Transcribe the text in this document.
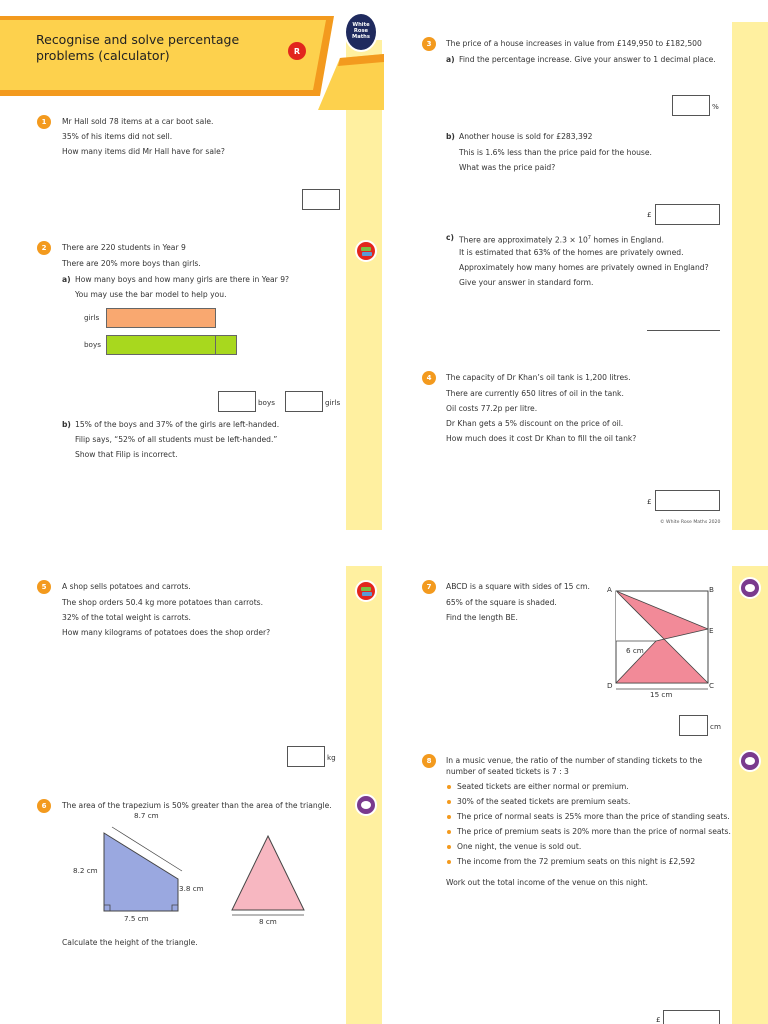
Recognise and solve percentage
problems (calculator)	R
White
Rose
Maths
1	Mr Hall sold 78 items at a car boot sale.
35% of his items did not sell.
How many items did Mr Hall have for sale?
2	There are 220 students in Year 9
There are 20% more boys than girls.
a) How many boys and how many girls are there in Year 9?
You may use the bar model to help you.
girls
boys
boys	girls
b) 15% of the boys and 37% of the girls are left-handed.
Filip says, “52% of all students must be left-handed.”
Show that Filip is incorrect.
3	The price of a house increases in value from £149,950 to £182,500
a) Find the percentage increase. Give your answer to 1 decimal place.
%
b) Another house is sold for £283,392
This is 1.6% less than the price paid for the house.
What was the price paid?
£
c) There are approximately $2.3 \times 10^7$ homes in England.
It is estimated that 63% of the homes are privately owned.
Approximately how many homes are privately owned in England?
Give your answer in standard form.
4	The capacity of Dr Khan’s oil tank is 1,200 litres.
There are currently 650 litres of oil in the tank.
Oil costs 77.2p per litre.
Dr Khan gets a 5% discount on the price of oil.
How much does it cost Dr Khan to fill the oil tank?
£
© White Rose Maths 2020
5	A shop sells potatoes and carrots.
The shop orders 50.4 kg more potatoes than carrots.
32% of the total weight is carrots.
How many kilograms of potatoes does the shop order?
kg
6	The area of the trapezium is 50% greater than the area of the triangle.
8.7 cm
8.2 cm
3.8 cm
7.5 cm	8 cm
Calculate the height of the triangle.
7	ABCD is a square with sides of 15 cm.
65% of the square is shaded.
Find the length BE.
A	B
E
D	C
6 cm
15 cm
cm
8	In a music venue, the ratio of the number of standing tickets to the
number of seated tickets is 7 : 3
Seated tickets are either normal or premium.
30% of the seated tickets are premium seats.
The price of normal seats is 25% more than the price of standing seats.
The price of premium seats is 20% more than the price of normal seats.
One night, the venue is sold out.
The income from the 72 premium seats on this night is £2,592
Work out the total income of the venue on this night.
£
